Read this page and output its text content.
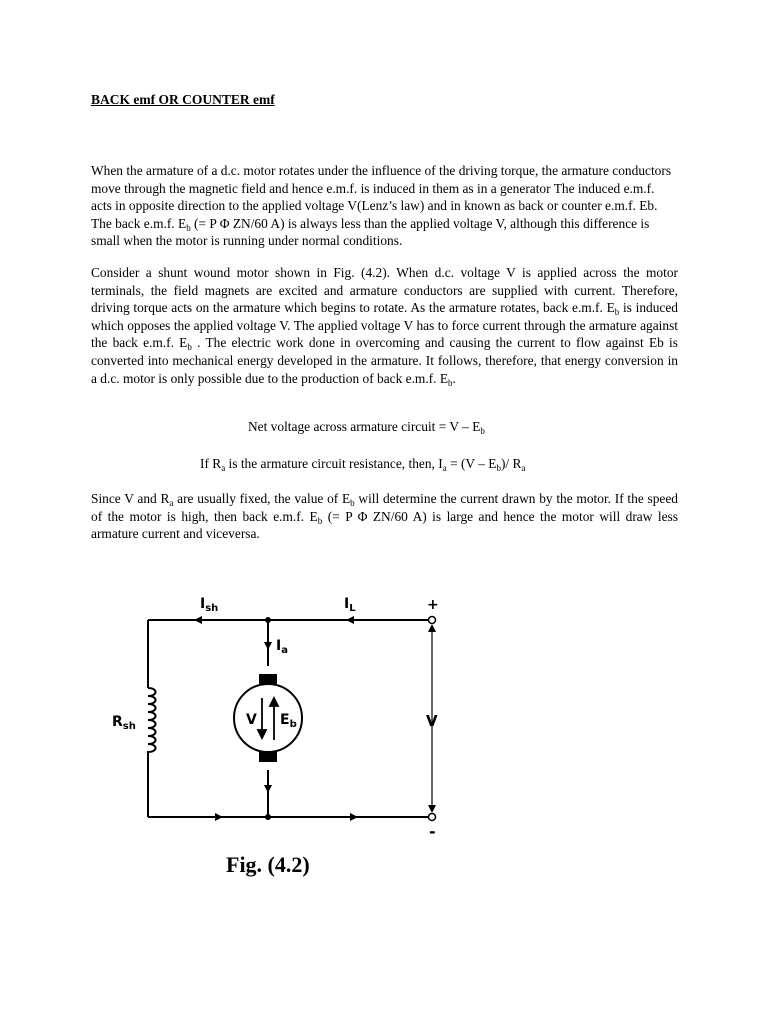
BACK emf OR COUNTER emf

When the armature of a d.c. motor rotates under the influence of the driving torque, the armature conductors move through the magnetic field and hence e.m.f. is induced in them as in a generator The induced e.m.f. acts in opposite direction to the applied voltage V(Lenz’s law) and in known as back or counter e.m.f. Eb. The back e.m.f. $E_b$ (= P Φ ZN/60 A) is always less than the applied voltage V, although this difference is small when the motor is running under normal conditions.

Consider a shunt wound motor shown in Fig. (4.2). When d.c. voltage V is applied across the motor terminals, the field magnets are excited and armature conductors are supplied with current. Therefore, driving torque acts on the armature which begins to rotate. As the armature rotates, back e.m.f. $E_b$ is induced which opposes the applied voltage V. The applied voltage V has to force current through the armature against the back e.m.f. $E_b$ . The electric work done in overcoming and causing the current to flow against Eb is converted into mechanical energy developed in the armature. It follows, therefore, that energy conversion in a d.c. motor is only possible due to the production of back e.m.f. $E_b$.

Net voltage across armature circuit = V – $E_b$
If $R_a$ is the armature circuit resistance, then, $I_a = (V - E_b)/$ $R_a$

Since V and $R_a$ are usually fixed, the value of $E_b$ will determine the current drawn by the motor. If the speed of the motor is high, then back e.m.f. $E_b$ (= P Φ ZN/60 A) is large and hence the motor will draw less armature current and viceversa.

$I_{sh}$	$I_L$
$I_a$
$R_{sh}$	V $E_b$	V
+
-
Fig. (4.2)
